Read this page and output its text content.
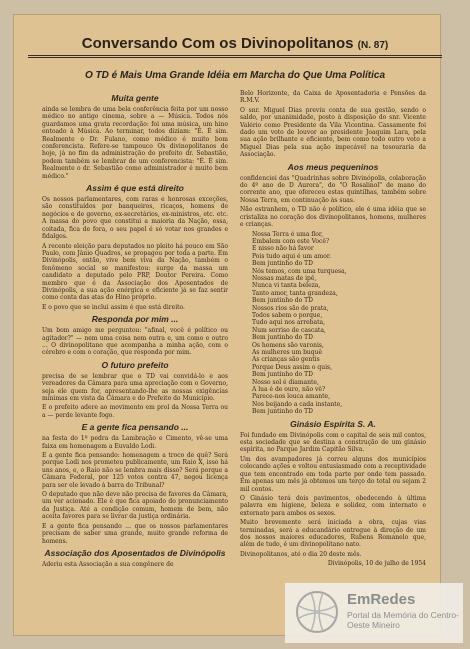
Conversando Com os Divinopolitanos (N. 87)
O TD é Mais Uma Grande Idéia em Marcha do Que Uma Política
Muita gente

ainda se lembra de uma bela conferência feita por um nosso médico no antigo cinema, sobre a — Música. Todos nós guardamos uma grata recordação: foi uma música, um hino entoado à Música. Ao terminar, todos diziam: "É. É sim. Realmente o Dr. Fulano, como médico é muito bom conferencista. Refere-se tampouco Os divinopolitanos de hoje, já no fim da administração do prefeito dr. Sebastião, podem também se lembrar de um conferencista: "É. É sim. Realmente o dr. Sebastião como administrador é muito bem médico."

Assim é que está direito

Os nossos parlamentares, com raras e honrosas exceções, são constituídos por banqueiros, ricaços, homens de negócios e de governo, ex-secretários, ex-ministros, etc. etc. A massa do povo que constitui a maioria da Nação, essa, coitada, fica de fora, o seu papel é só votar nos grandes e fidalgos.

A recente eleição para deputados no pleito há pouco em São Paulo, com Jânio Quadros, se propagou por toda a parte. Em Divinópolis, então, vive bem viva da Nação, também o fenômeno social se manifestou: surge da massa um candidato a deputado pelo PRP, Doutor Pereira. Como membro que é da Associação dos Aposentados de Divinópolis, a sua ação enérgica e eficiente já se faz sentir como conta das atas do Hino próprio.

E o povo que se inclui assim é que está direito.

Responda por mim ...

Um bom amigo me perguntou: "afinal, você é político ou agitador?" — nem uma coisa nem outra e, um como e outro ... O divinopolitano que acompanha a minha ação, com o cérebro e com o coração, que responda por mim.

O futuro prefeito

precisa de se lembrar que o TD vai convidá-lo e aos vereadores da Câmara para uma apreciação com o Governo, seja ele quem for, apresentando-lhe as nossas exigências mínimas em vista da Câmara e do Prefeito do Município.

E o prefeito adere ao movimento em prol da Nossa Terra ou a — perde levante fogo.

E a gente fica pensando ...

na festa do 1º pedra da Lambração e Cimento, vê-se uma faixa em homenagem a Euvaldo Lodi.

E a gente fica pensando: homenagem a troco de quê? Será porque Lodi nos prometeu publicamente, um Raio X, isso há uns anos, e, o Raio não se lembra mais disso? Será porque a Câmara Federal, por 125 votos contra 47, negou licença para ser ele levado à barra do Tribunal?

O deputado que não deve não precisa de favores da Câmara, um ver acionado. Ele é que fica apoiado do pronunciamento da Justiça. Até a condição comum, homem de bem, não aceita favores para se livrar da justiça ordinária.

E a gente fica pensando ... que os nossos parlamentares precisam de saber uma grande, muito grande reforma de homens.

Associação dos Aposentados de Divinópolis

Aderiu esta Associação a sua congênere de

Belo Horizonte, da Caixa de Aposentadoria e Pensões da R.M.V.

O snr. Miguel Dias previu conta de sua gestão, sendo o saldo, por unanimidade, posto à disposição do snr. Vicente Valério como Presidente da Vila Vicentina. Cassamente foi dado um voto de louvor ao presidente Joaquim Lara, pela sua ação brilhante e eficiente, bem como todo outro voto a Miguel Dias pela sua ação impecável na tesouraria da Associação.

Aos meus pequeninos

confidenciei das "Quadrinhas sobre Divinópolis, colaboração do 4º ano de D Aurora", do "O Rosalinol" de mano do corrente ano, que ofereceu estas quintilhas, também sobre Nossa Terra, em continuação às suas.

Não estranhem, o TD não é político, ele é uma idéia que se cristaliza no coração dos divinopolitanos, homens, mulheres e crianças.

Nossa Terra é uma flor,
Embalem com este Você?
E nisso não há favor
Pois tudo aqui é um amor.
Bem juntinho do TD
Nós temos, com uma turquesa,
Nossas matas de ipê,
Nunca vi tanta beleza,
Tanto amor, tanta grandeza,
Bem juntinho do TD
Nossos rios são de prata,
Todos sabem o porque,
Tudo aqui nos arrebata,
Num sorriso de cascata,
Bem juntinho do TD
Os homens são varonis,
As mulheres um buquê
As crianças são gentis
Porque Deus assim o quis,
Bem juntinho do TD
Nosso sol é diamante,
A lua é de ouro, não vê?
Parece-nos louca amante,
Nos beijando a cada instante,
Bem juntinho do TD

Ginásio Espírita S. A.

Foi fundado em Divinópolis com o capital de seis mil contos, esta sociedade que se destina a construção de um ginásio espírita, no Parque Jardim Capitão Silva.

Um dos avampadores já correu alguns dos municípios colocando ações e voltou entusiasmado com a receptividade que tem encontrado em toda parte por onde tem passado. Em apenas um mês já obtemos um terço do total ou sejam 2 mil contos.

O Ginásio terá dois pavimentos, obedecendo à última palavra em higiene, beleza e solidez, com internato e externato para ambos os sexos.

Muito brevemente será iniciada a obra, cujas vias terminadas, será a educandário entregue à direção de um dos nossos maiores educadores, Rubens Romanelo que, além de tudo, é um divinopolitano nato.

Divinopolitanos, até o dia 20 deste mês.

Divinópolis, 10 de julho de 1954

EmRedes
Portal da Memória do Centro-Oeste Mineiro
